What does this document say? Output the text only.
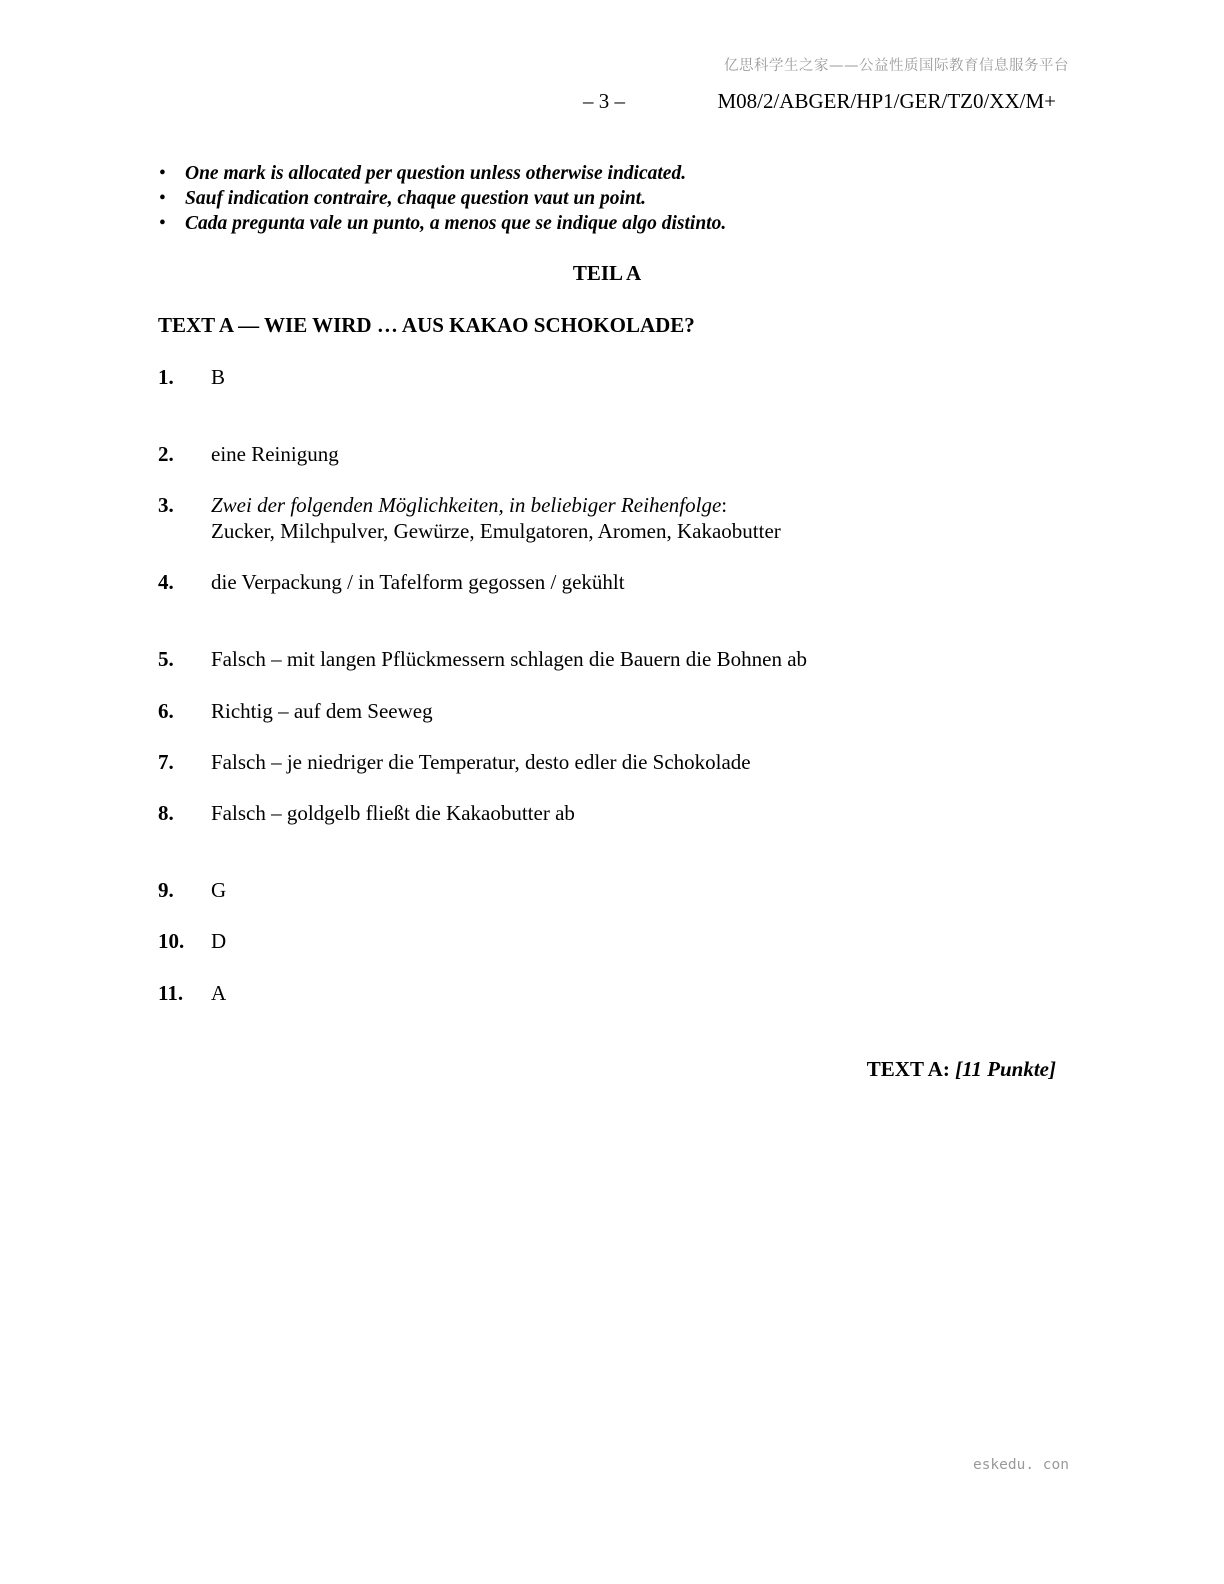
亿思科学生之家——公益性质国际教育信息服务平台
– 3 –	M08/2/ABGER/HP1/GER/TZ0/XX/M+
• One mark is allocated per question unless otherwise indicated.
• Sauf indication contraire, chaque question vaut un point.
• Cada pregunta vale un punto, a menos que se indique algo distinto.
TEIL A
TEXT A — WIE WIRD … AUS KAKAO SCHOKOLADE?
1. B
2. eine Reinigung
3. Zwei der folgenden Möglichkeiten, in beliebiger Reihenfolge:
Zucker, Milchpulver, Gewürze, Emulgatoren, Aromen, Kakaobutter
4. die Verpackung / in Tafelform gegossen / gekühlt
5. Falsch – mit langen Pflückmessern schlagen die Bauern die Bohnen ab
6. Richtig – auf dem Seeweg
7. Falsch – je niedriger die Temperatur, desto edler die Schokolade
8. Falsch – goldgelb fließt die Kakaobutter ab
9. G
10. D
11. A
TEXT A: [11 Punkte]
eskedu. con
